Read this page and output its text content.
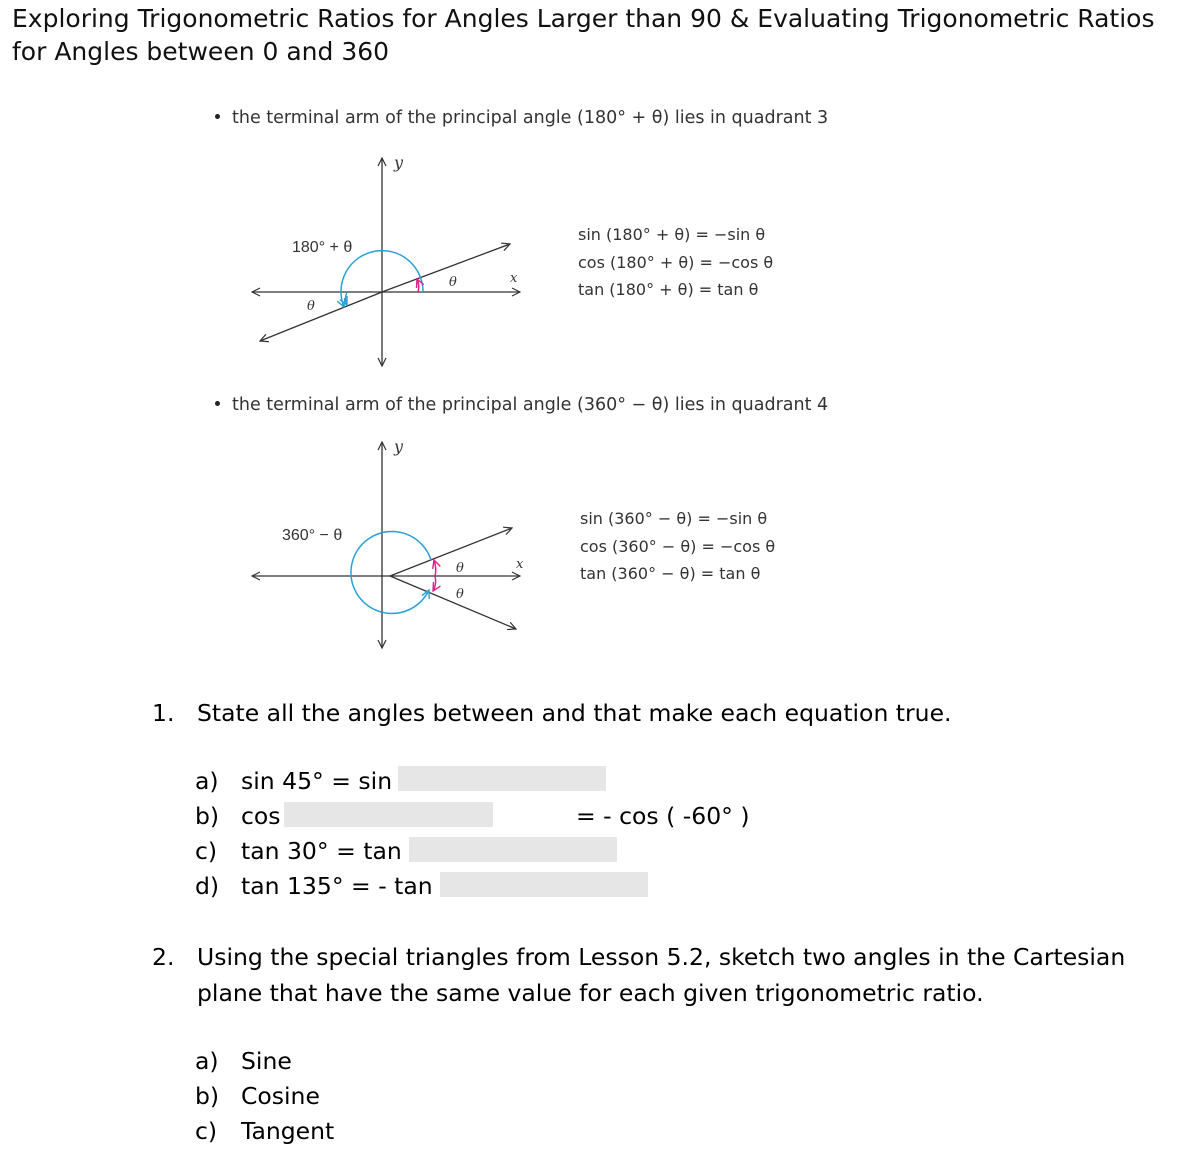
Exploring Trigonometric Ratios for Angles Larger than 90 & Evaluating Trigonometric Ratios for Angles between 0 and 360
the terminal arm of the principal angle (180° + θ) lies in quadrant 3
y
x
180° + θ
θ
θ
sin (180° + θ) = −sin θ
cos (180° + θ) = −cos θ
tan (180° + θ) = tan θ
the terminal arm of the principal angle (360° − θ) lies in quadrant 4
y
x
360° − θ
θ
θ
sin (360° − θ) = −sin θ
cos (360° − θ) = −cos θ
tan (360° − θ) = tan θ
1. State all the angles between and that make each equation true.
a) sin 45° = sin
b) cos	= - cos ( -60° )
c) tan 30° = tan
d) tan 135° = - tan
2. Using the special triangles from Lesson 5.2, sketch two angles in the Cartesian plane that have the same value for each given trigonometric ratio.
a) Sine
b) Cosine
c) Tangent
